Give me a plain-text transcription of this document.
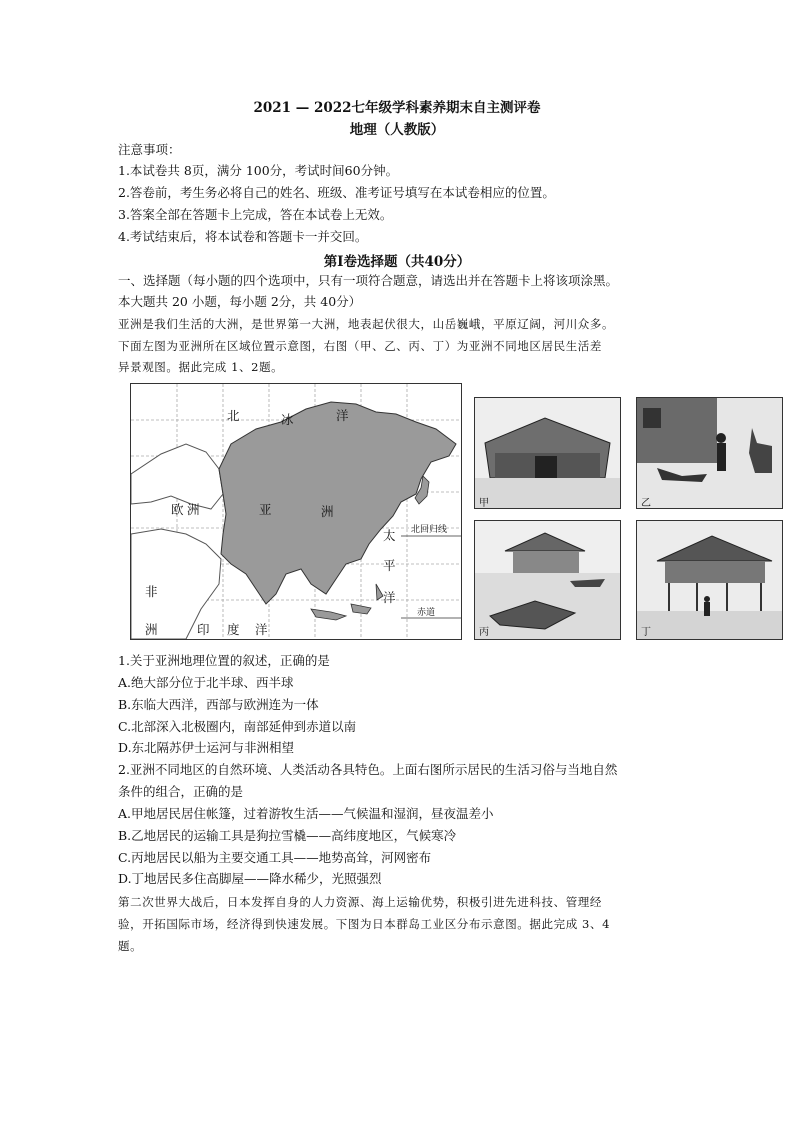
2021 — 2022七年级学科素养期末自主测评卷
地理（人教版）
注意事项：
1.本试卷共 8页，满分 100分，考试时间60分钟。
2.答卷前，考生务必将自己的姓名、班级、准考证号填写在本试卷相应的位置。
3.答案全部在答题卡上完成，答在本试卷上无效。
4.考试结束后，将本试卷和答题卡一并交回。
第Ⅰ卷选择题（共40分）
一、选择题（每小题的四个选项中，只有一项符合题意，请选出并在答题卡上将该项涂黑。
本大题共 20 小题，每小题 2分，共 40分）
亚洲是我们生活的大洲，是世界第一大洲，地表起伏很大，山岳巍峨，平原辽阔，河川众多。
下面左图为亚洲所在区域位置示意图，右图（甲、乙、丙、丁）为亚洲不同地区居民生活差
异景观图。据此完成 1、2题。
北	冰	洋
欧 洲	亚	洲
太
平
洋
非
洲	印 度 洋
北回归线
赤道
甲	乙
丙	丁
1.关于亚洲地理位置的叙述，正确的是
A.绝大部分位于北半球、西半球
B.东临大西洋，西部与欧洲连为一体
C.北部深入北极圈内，南部延伸到赤道以南
D.东北隔苏伊士运河与非洲相望
2.亚洲不同地区的自然环境、人类活动各具特色。上面右图所示居民的生活习俗与当地自然
条件的组合，正确的是
A.甲地居民居住帐篷，过着游牧生活——气候温和湿润，昼夜温差小
B.乙地居民的运输工具是狗拉雪橇——高纬度地区，气候寒冷
C.丙地居民以船为主要交通工具——地势高耸，河网密布
D.丁地居民多住高脚屋——降水稀少，光照强烈
第二次世界大战后，日本发挥自身的人力资源、海上运输优势，积极引进先进科技、管理经
验，开拓国际市场，经济得到快速发展。下图为日本群岛工业区分布示意图。据此完成 3、4
题。
